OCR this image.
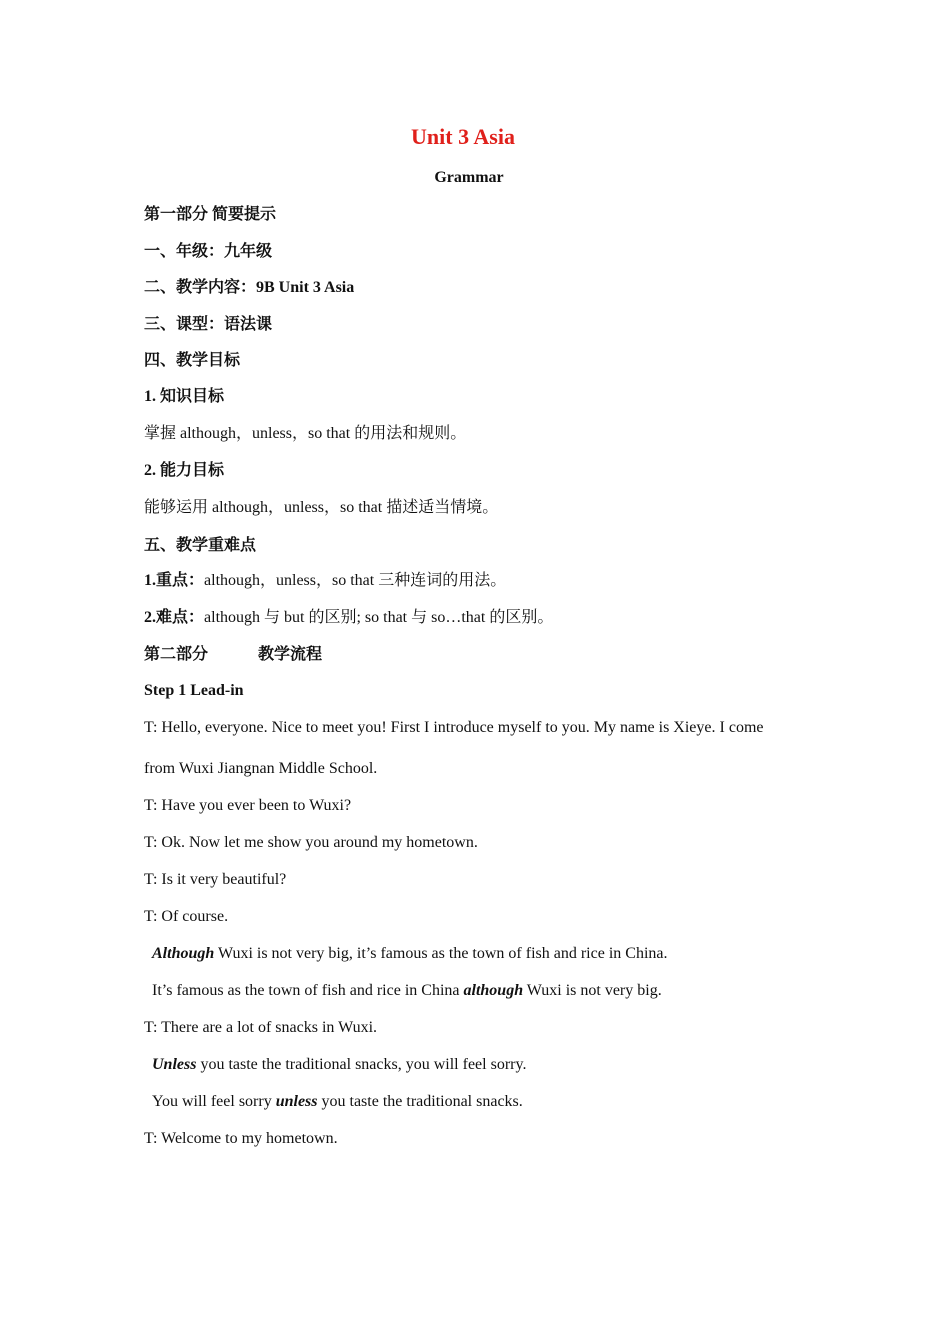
Unit 3 Asia
Grammar
第一部分 简要提示
一、年级：九年级
二、教学内容：9B Unit 3 Asia
三、课型：语法课
四、教学目标
1. 知识目标
掌握 although，unless，so that 的用法和规则。
2. 能力目标
能够运用 although，unless，so that 描述适当情境。
五、教学重难点
1.重点：although，unless，so that 三种连词的用法。
2.难点：although 与 but 的区别; so that 与 so…that 的区别。
第二部分	教学流程
Step 1 Lead-in
T: Hello, everyone. Nice to meet you! First I introduce myself to you. My name is Xieye. I come
from Wuxi Jiangnan Middle School.
T: Have you ever been to Wuxi?
T: Ok. Now let me show you around my hometown.
T: Is it very beautiful?
T: Of course.
Although Wuxi is not very big, it’s famous as the town of fish and rice in China.
It’s famous as the town of fish and rice in China although Wuxi is not very big.
T: There are a lot of snacks in Wuxi.
Unless you taste the traditional snacks, you will feel sorry.
You will feel sorry unless you taste the traditional snacks.
T: Welcome to my hometown.
